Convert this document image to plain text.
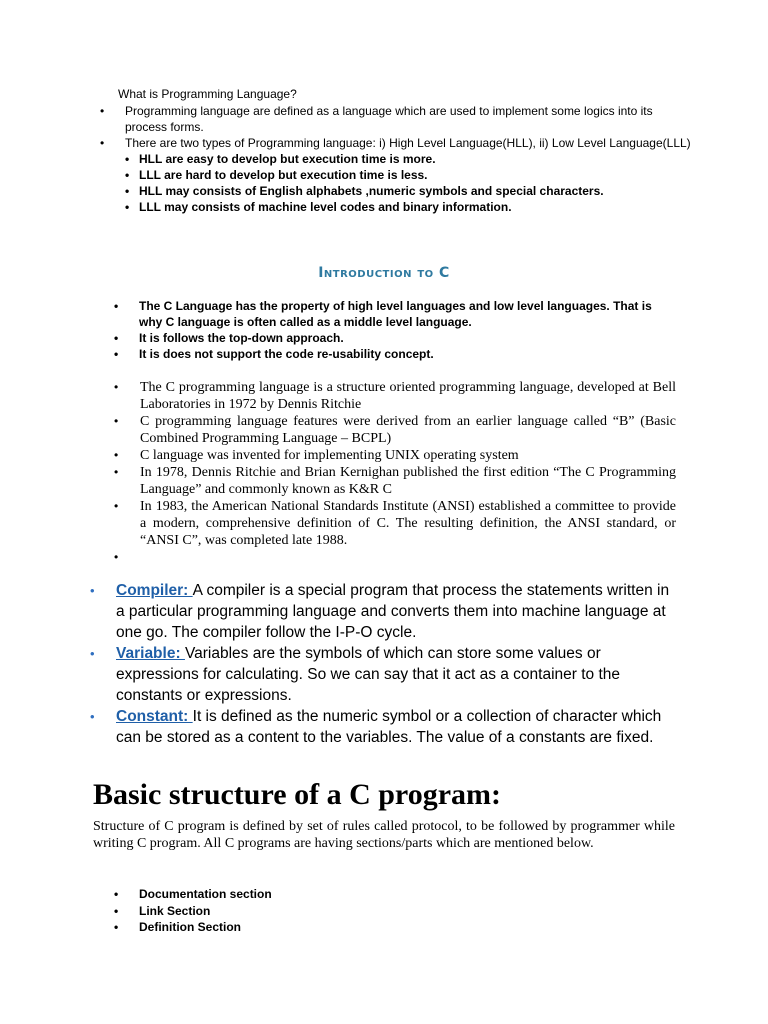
What is Programming Language?
• Programming language are defined as a language which are used to implement some logics into its process forms.
• There are two types of Programming language: i) High Level Language(HLL), ii) Low Level Language(LLL)
• HLL are easy to develop but execution time is more.
• LLL are hard to develop but execution time is less.
• HLL may consists of English alphabets ,numeric symbols and special characters.
• LLL may consists of machine level codes and binary information.
Introduction to C
• The C Language has the property of high level languages and low level languages. That is why C language is often called as a middle level language.
• It is follows the top-down approach.
• It is does not support the code re-usability concept.
• The C programming language is a structure oriented programming language, developed at Bell Laboratories in 1972 by Dennis Ritchie
• C programming language features were derived from an earlier language called “B” (Basic Combined Programming Language – BCPL)
• C language was invented for implementing UNIX operating system
• In 1978, Dennis Ritchie and Brian Kernighan published the first edition “The C Programming Language” and commonly known as K&R C
• In 1983, the American National Standards Institute (ANSI) established a committee to provide a modern, comprehensive definition of C. The resulting definition, the ANSI standard, or “ANSI C”, was completed late 1988.
•

• Compiler: A compiler is a special program that process the statements written in a particular programming language and converts them into machine language at one go. The compiler follow the I-P-O cycle.
• Variable: Variables are the symbols of which can store some values or expressions for calculating. So we can say that it act as a container to the constants or expressions.
• Constant: It is defined as the numeric symbol or a collection of character which can be stored as a content to the variables. The value of a constants are fixed.
Basic structure of a C program:
Structure of C program is defined by set of rules called protocol, to be followed by programmer while writing C program. All C programs are having sections/parts which are mentioned below.
• Documentation section
• Link Section
• Definition Section
